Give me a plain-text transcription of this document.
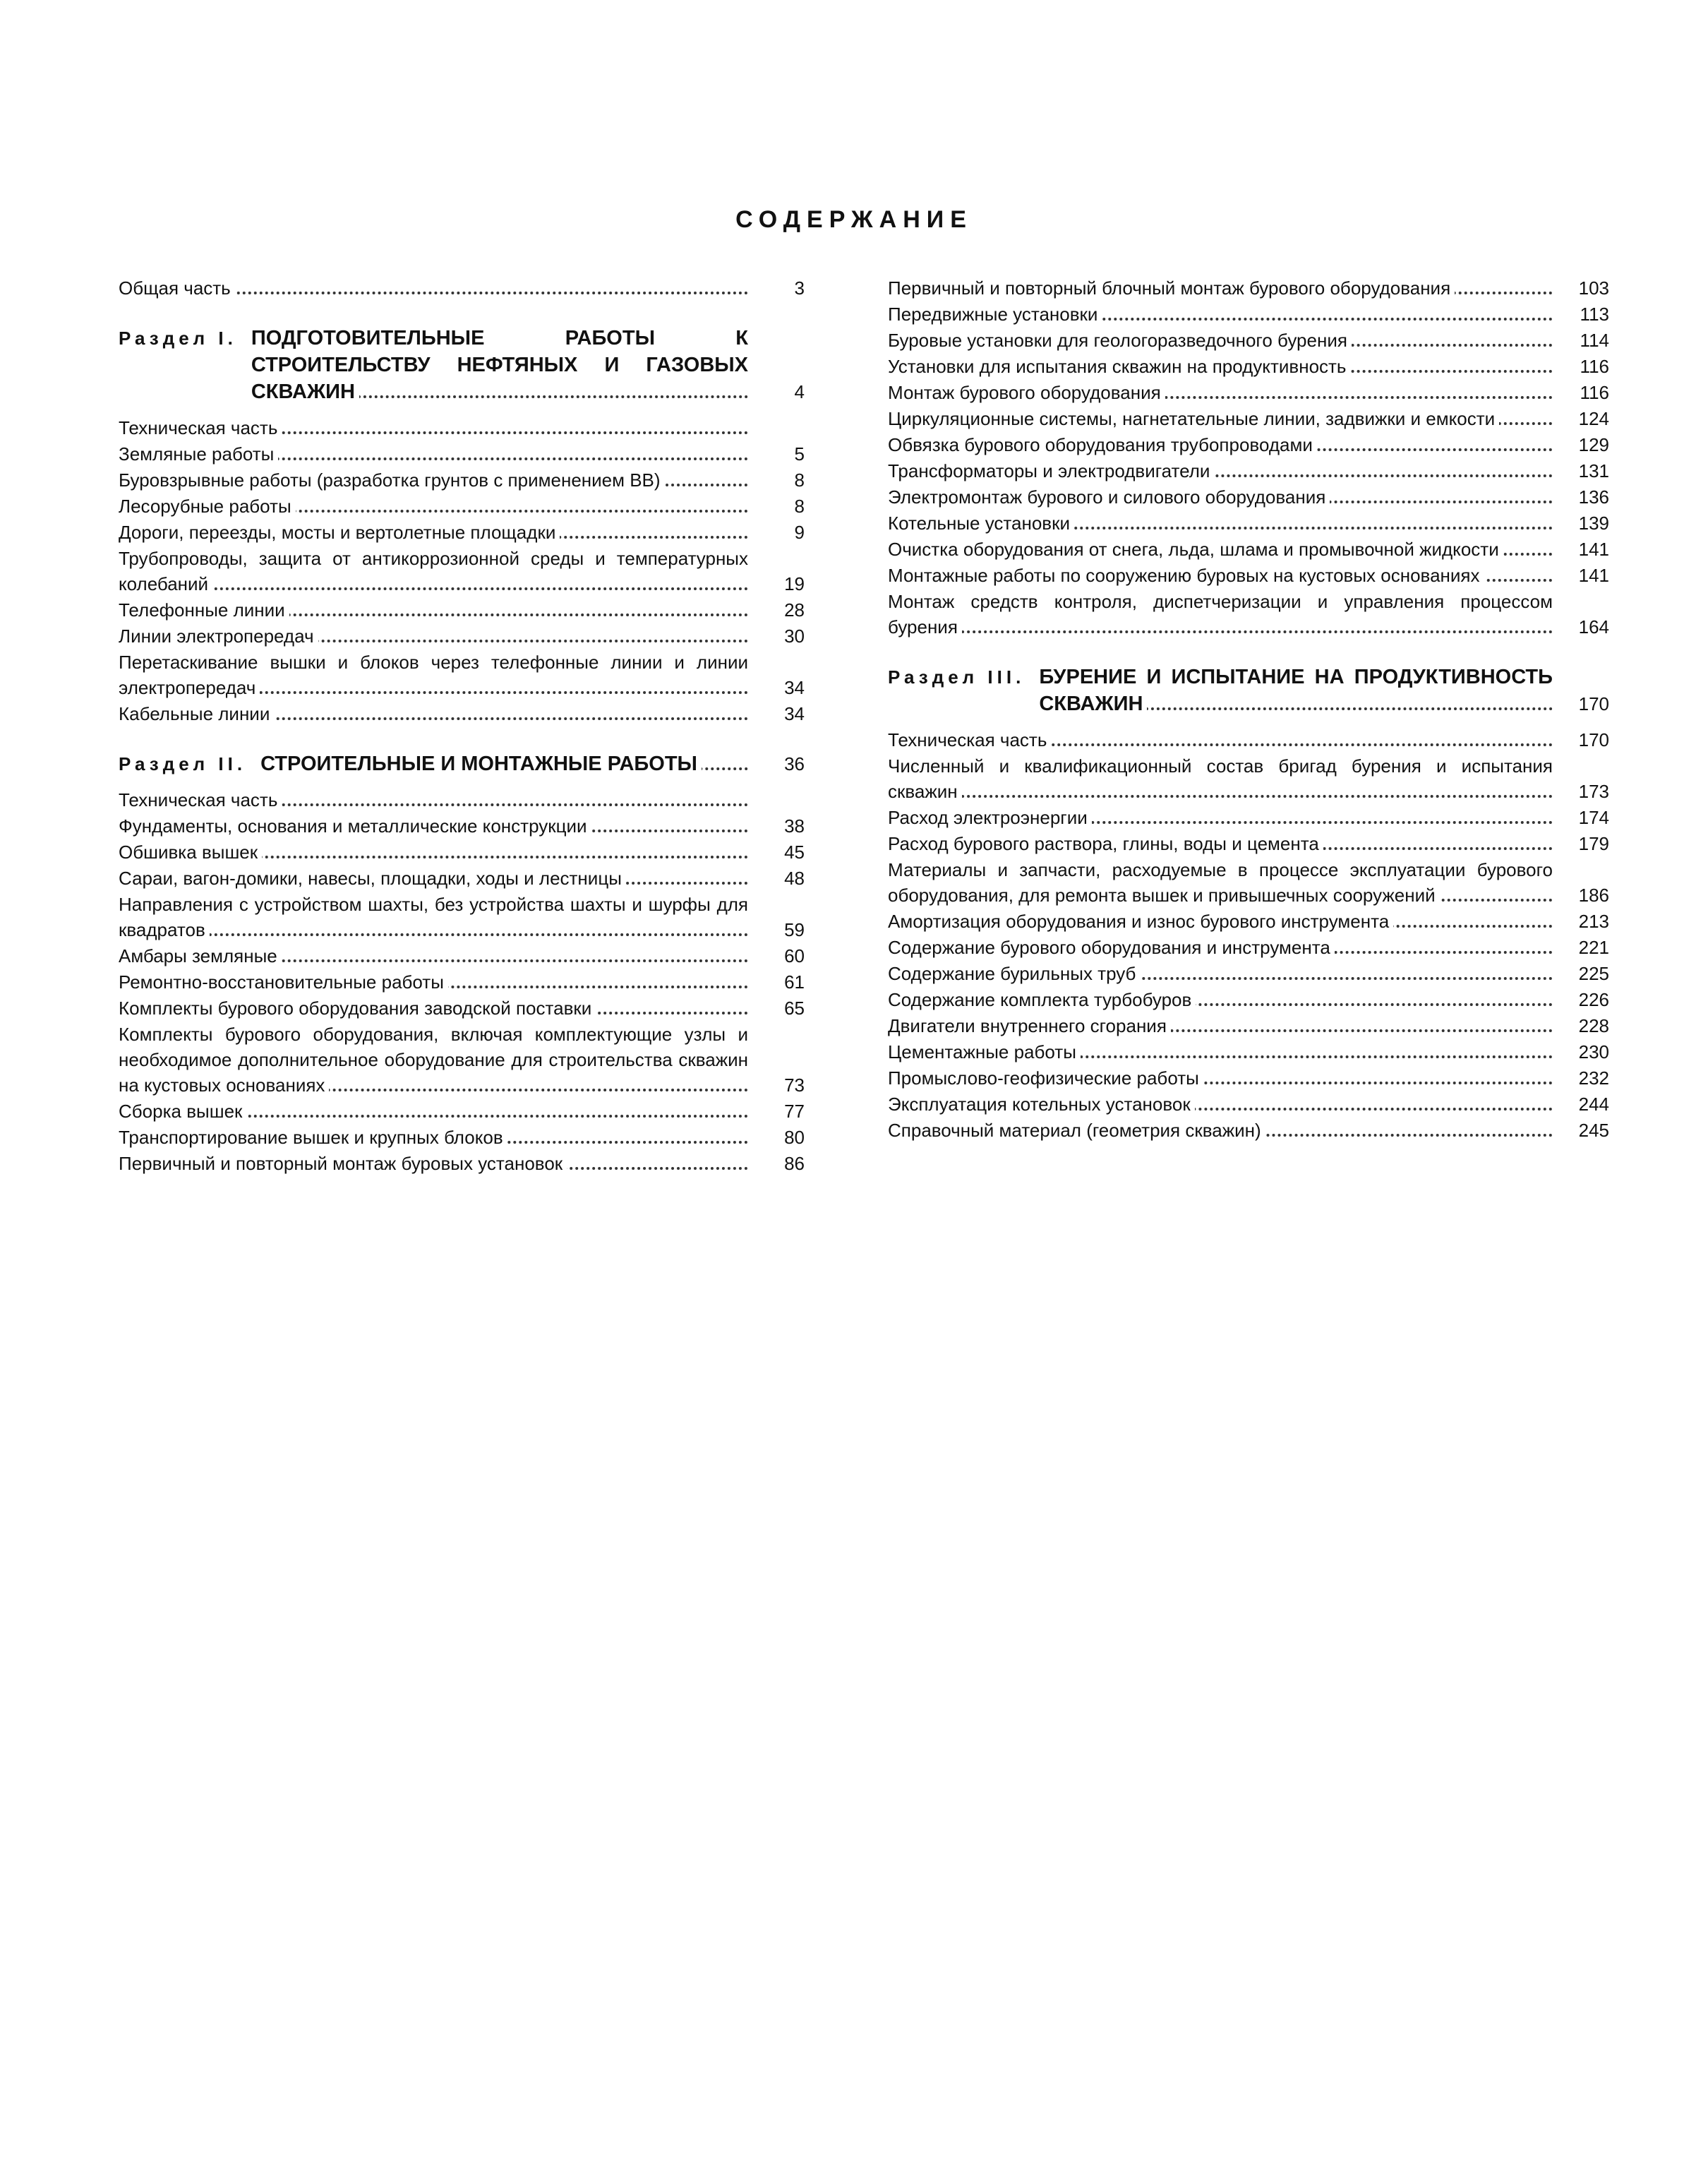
СОДЕРЖАНИЕ
Общая часть	3
Раздел I. ПОДГОТОВИТЕЛЬНЫЕ РАБОТЫ К СТРОИТЕЛЬСТВУ НЕФТЯНЫХ И ГАЗОВЫХ СКВАЖИН	4
Техническая часть
Земляные работы	5
Буровзрывные работы (разработка грунтов с применением ВВ)	8
Лесорубные работы	8
Дороги, переезды, мосты и вертолетные площадки	9
Трубопроводы, защита от антикоррозионной среды и температурных колебаний	19
Телефонные линии	28
Линии электропередач	30
Перетаскивание вышки и блоков через телефонные линии и линии электропередач	34
Кабельные линии	34
Раздел II. СТРОИТЕЛЬНЫЕ И МОНТАЖНЫЕ РАБОТЫ	36
Техническая часть
Фундаменты, основания и металлические конструкции	38
Обшивка вышек	45
Сараи, вагон-домики, навесы, площадки, ходы и лестницы	48
Направления с устройством шахты, без устройства шахты и шурфы для квадратов	59
Амбары земляные	60
Ремонтно-восстановительные работы	61
Комплекты бурового оборудования заводской поставки	65
Комплекты бурового оборудования, включая комплектующие узлы и необходимое дополнительное оборудование для строительства скважин на кустовых основаниях	73
Сборка вышек	77
Транспортирование вышек и крупных блоков	80
Первичный и повторный монтаж буровых установок	86
Первичный и повторный блочный монтаж бурового оборудования	103
Передвижные установки	113
Буровые установки для геологоразведочного бурения	114
Установки для испытания скважин на продуктивность	116
Монтаж бурового оборудования	116
Циркуляционные системы, нагнетательные линии, задвижки и емкости	124
Обвязка бурового оборудования трубопроводами	129
Трансформаторы и электродвигатели	131
Электромонтаж бурового и силового оборудования	136
Котельные установки	139
Очистка оборудования от снега, льда, шлама и промывочной жидкости	141
Монтажные работы по сооружению буровых на кустовых основаниях	141
Монтаж средств контроля, диспетчеризации и управления процессом бурения	164
Раздел III. БУРЕНИЕ И ИСПЫТАНИЕ НА ПРОДУКТИВНОСТЬ СКВАЖИН	170
Техническая часть	170
Численный и квалификационный состав бригад бурения и испытания скважин	173
Расход электроэнергии	174
Расход бурового раствора, глины, воды и цемента	179
Материалы и запчасти, расходуемые в процессе эксплуатации бурового оборудования, для ремонта вышек и привышечных сооружений	186
Амортизация оборудования и износ бурового инструмента	213
Содержание бурового оборудования и инструмента	221
Содержание бурильных труб	225
Содержание комплекта турбобуров	226
Двигатели внутреннего сгорания	228
Цементажные работы	230
Промыслово-геофизические работы	232
Эксплуатация котельных установок	244
Справочный материал (геометрия скважин)	245
